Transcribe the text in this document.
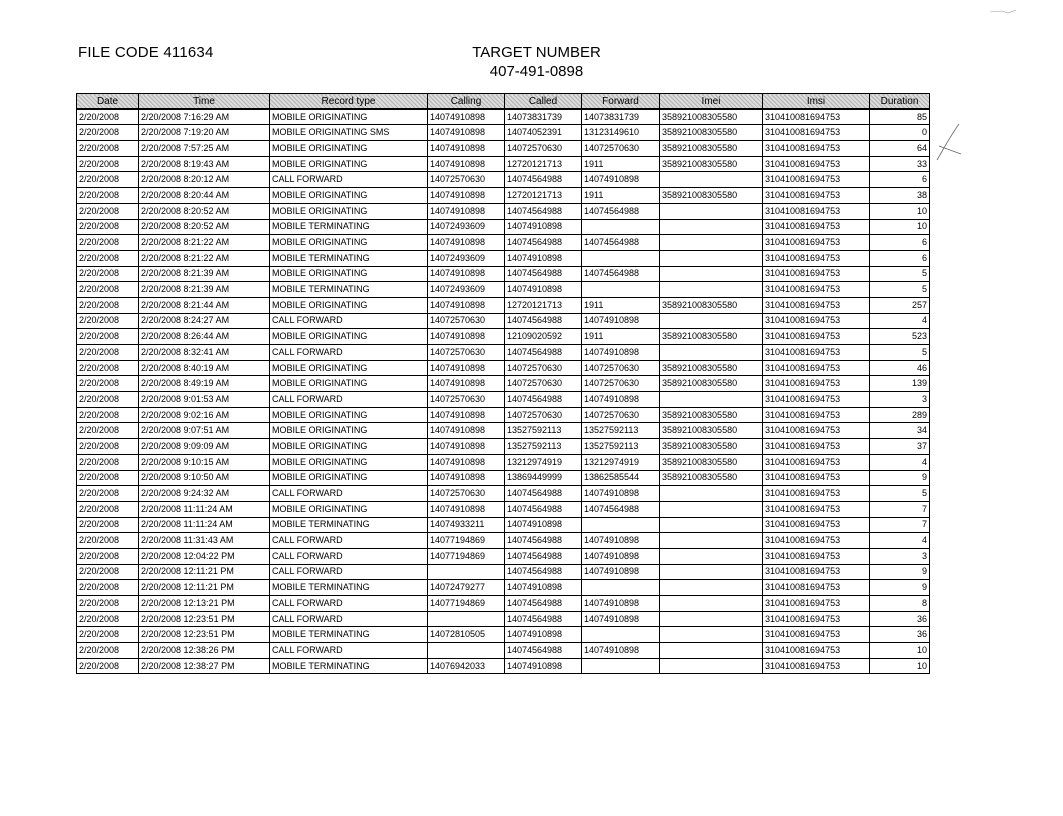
FILE CODE 411634	TARGET NUMBER
407-491-0898
Date	Time	Record type	Calling	Called	Forward	Imei	Imsi	Duration
2/20/2008	2/20/2008 7:16:29 AM	MOBILE ORIGINATING	14074910898	14073831739	14073831739	358921008305580	310410081694753	85
2/20/2008	2/20/2008 7:19:20 AM	MOBILE ORIGINATING SMS	14074910898	14074052391	13123149610	358921008305580	310410081694753	0
2/20/2008	2/20/2008 7:57:25 AM	MOBILE ORIGINATING	14074910898	14072570630	14072570630	358921008305580	310410081694753	64
2/20/2008	2/20/2008 8:19:43 AM	MOBILE ORIGINATING	14074910898	12720121713	1911	358921008305580	310410081694753	33
2/20/2008	2/20/2008 8:20:12 AM	CALL FORWARD	14072570630	14074564988	14074910898		310410081694753	6
2/20/2008	2/20/2008 8:20:44 AM	MOBILE ORIGINATING	14074910898	12720121713	1911	358921008305580	310410081694753	38
2/20/2008	2/20/2008 8:20:52 AM	MOBILE ORIGINATING	14074910898	14074564988	14074564988		310410081694753	10
2/20/2008	2/20/2008 8:20:52 AM	MOBILE TERMINATING	14072493609	14074910898			310410081694753	10
2/20/2008	2/20/2008 8:21:22 AM	MOBILE ORIGINATING	14074910898	14074564988	14074564988		310410081694753	6
2/20/2008	2/20/2008 8:21:22 AM	MOBILE TERMINATING	14072493609	14074910898			310410081694753	6
2/20/2008	2/20/2008 8:21:39 AM	MOBILE ORIGINATING	14074910898	14074564988	14074564988		310410081694753	5
2/20/2008	2/20/2008 8:21:39 AM	MOBILE TERMINATING	14072493609	14074910898			310410081694753	5
2/20/2008	2/20/2008 8:21:44 AM	MOBILE ORIGINATING	14074910898	12720121713	1911	358921008305580	310410081694753	257
2/20/2008	2/20/2008 8:24:27 AM	CALL FORWARD	14072570630	14074564988	14074910898		310410081694753	4
2/20/2008	2/20/2008 8:26:44 AM	MOBILE ORIGINATING	14074910898	12109020592	1911	358921008305580	310410081694753	523
2/20/2008	2/20/2008 8:32:41 AM	CALL FORWARD	14072570630	14074564988	14074910898		310410081694753	5
2/20/2008	2/20/2008 8:40:19 AM	MOBILE ORIGINATING	14074910898	14072570630	14072570630	358921008305580	310410081694753	46
2/20/2008	2/20/2008 8:49:19 AM	MOBILE ORIGINATING	14074910898	14072570630	14072570630	358921008305580	310410081694753	139
2/20/2008	2/20/2008 9:01:53 AM	CALL FORWARD	14072570630	14074564988	14074910898		310410081694753	3
2/20/2008	2/20/2008 9:02:16 AM	MOBILE ORIGINATING	14074910898	14072570630	14072570630	358921008305580	310410081694753	289
2/20/2008	2/20/2008 9:07:51 AM	MOBILE ORIGINATING	14074910898	13527592113	13527592113	358921008305580	310410081694753	34
2/20/2008	2/20/2008 9:09:09 AM	MOBILE ORIGINATING	14074910898	13527592113	13527592113	358921008305580	310410081694753	37
2/20/2008	2/20/2008 9:10:15 AM	MOBILE ORIGINATING	14074910898	13212974919	13212974919	358921008305580	310410081694753	4
2/20/2008	2/20/2008 9:10:50 AM	MOBILE ORIGINATING	14074910898	13869449999	13862585544	358921008305580	310410081694753	9
2/20/2008	2/20/2008 9:24:32 AM	CALL FORWARD	14072570630	14074564988	14074910898		310410081694753	5
2/20/2008	2/20/2008 11:11:24 AM	MOBILE ORIGINATING	14074910898	14074564988	14074564988		310410081694753	7
2/20/2008	2/20/2008 11:11:24 AM	MOBILE TERMINATING	14074933211	14074910898			310410081694753	7
2/20/2008	2/20/2008 11:31:43 AM	CALL FORWARD	14077194869	14074564988	14074910898		310410081694753	4
2/20/2008	2/20/2008 12:04:22 PM	CALL FORWARD	14077194869	14074564988	14074910898		310410081694753	3
2/20/2008	2/20/2008 12:11:21 PM	CALL FORWARD		14074564988	14074910898		310410081694753	9
2/20/2008	2/20/2008 12:11:21 PM	MOBILE TERMINATING	14072479277	14074910898			310410081694753	9
2/20/2008	2/20/2008 12:13:21 PM	CALL FORWARD	14077194869	14074564988	14074910898		310410081694753	8
2/20/2008	2/20/2008 12:23:51 PM	CALL FORWARD		14074564988	14074910898		310410081694753	36
2/20/2008	2/20/2008 12:23:51 PM	MOBILE TERMINATING	14072810505	14074910898			310410081694753	36
2/20/2008	2/20/2008 12:38:26 PM	CALL FORWARD		14074564988	14074910898		310410081694753	10
2/20/2008	2/20/2008 12:38:27 PM	MOBILE TERMINATING	14076942033	14074910898			310410081694753	10
